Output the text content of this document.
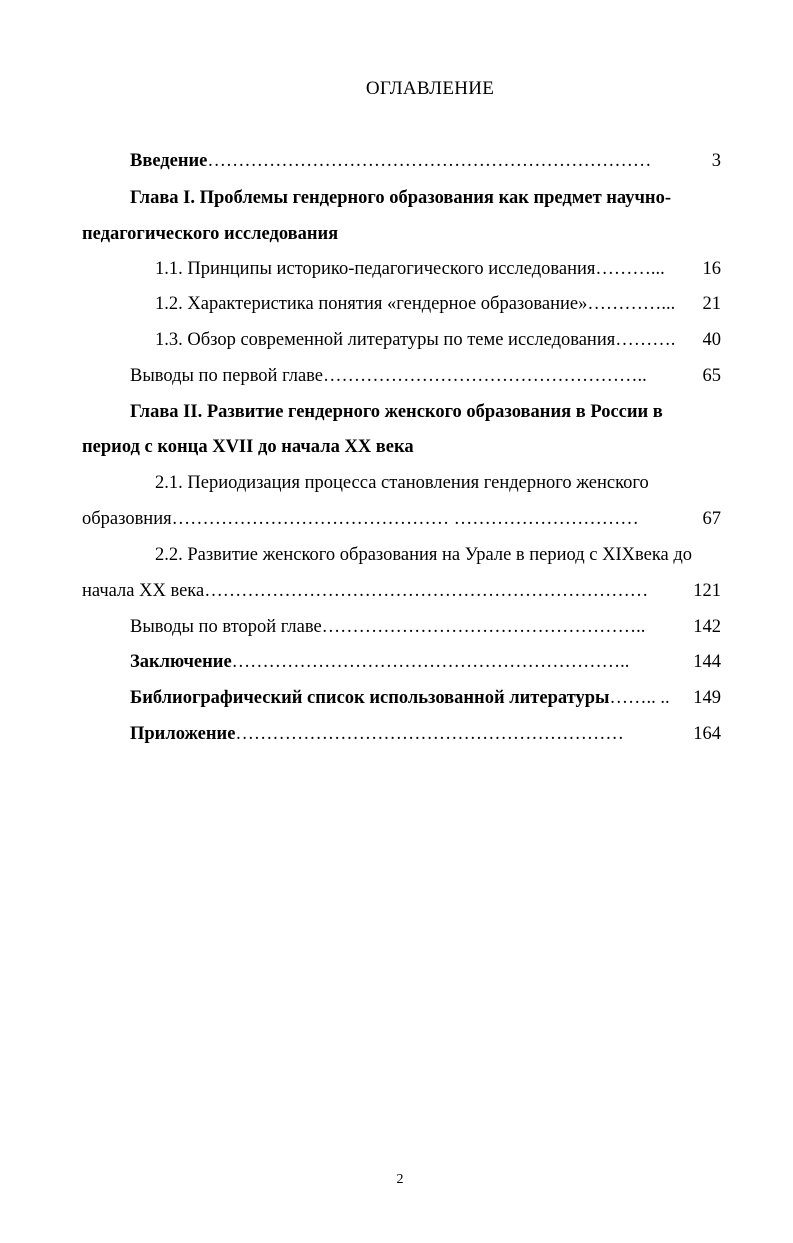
ОГЛАВЛЕНИЕ
Введение………………………………………………………………	3
Глава I. Проблемы гендерного образования как предмет научно-
педагогического исследования
1.1. Принципы историко-педагогического исследования………... 16
1.2. Характеристика понятия «гендерное образование»…………... 21
1.3. Обзор современной литературы по теме исследования………. 40
Выводы по первой главе……………………………………………..	65
Глава II. Развитие гендерного женского образования в России в
период с конца XVII до начала XX века
2.1. Периодизация процесса становления гендерного женского
образовния……………………………………… …………………………	67
2.2. Развитие женского образования на Урале в период с XIXвека до
начала XX века……………………………………………………………… 121
Выводы по второй главе……………………………………………..	142
Заключение………………………………………………………..	144
Библиографический список использованной литературы…….. .. 149
Приложение………………………………………………………	164
2
